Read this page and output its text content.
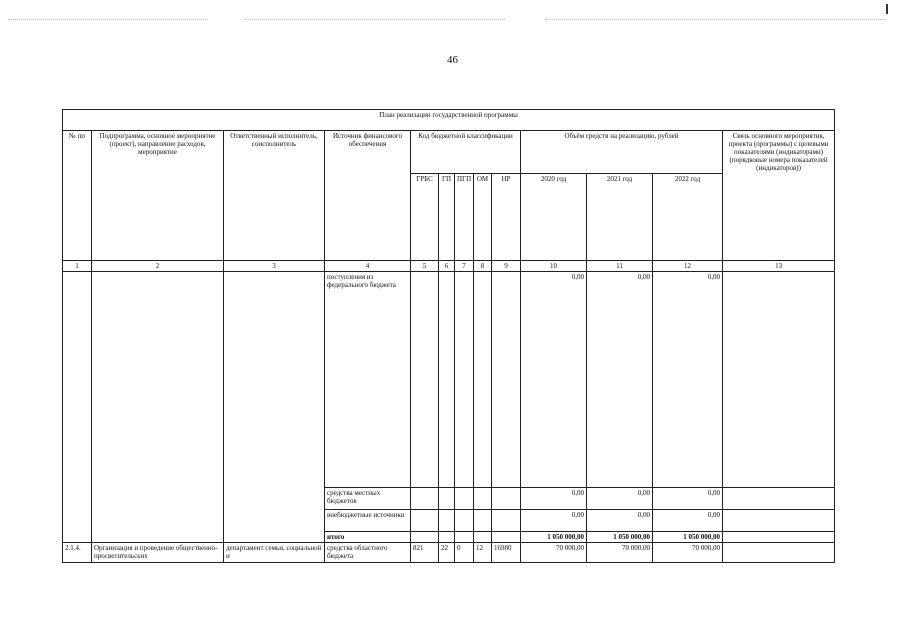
46
План реализации государственной программы												
№ пп	Подпрограмма, основное мероприятие (проект), направление расходов, мероприятие	Ответственный исполнитель, соисполнитель	Источник финансового обеспечения	Код бюджетной классификации					Объём средств на реализацию, рублей			Связь основного мероприятия, проекта (программы) с целевыми показателями (индикаторами) (порядковые номера показателей (индикаторов))
				ГРБС	ГП	ПГП	ОМ	НР	2020 год	2021 год	2022 год	
1	2	3	4	5	6	7	8	9	10	11	12	13
			поступления из федерального бюджета						0,00	0,00	0,00	
			средства местных бюджетов						0,00	0,00	0,00	
			внебюджетные источники						0,00	0,00	0,00	
			итого						1 050 000,00	1 050 000,00	1 050 000,00	
2.1.4.	Организация и проведение общественно-просветительских	департамент семьи, социальной и	средства областного бюджета	821	22	0	12	16980	70 000,00	70 000,00	70 000,00	
